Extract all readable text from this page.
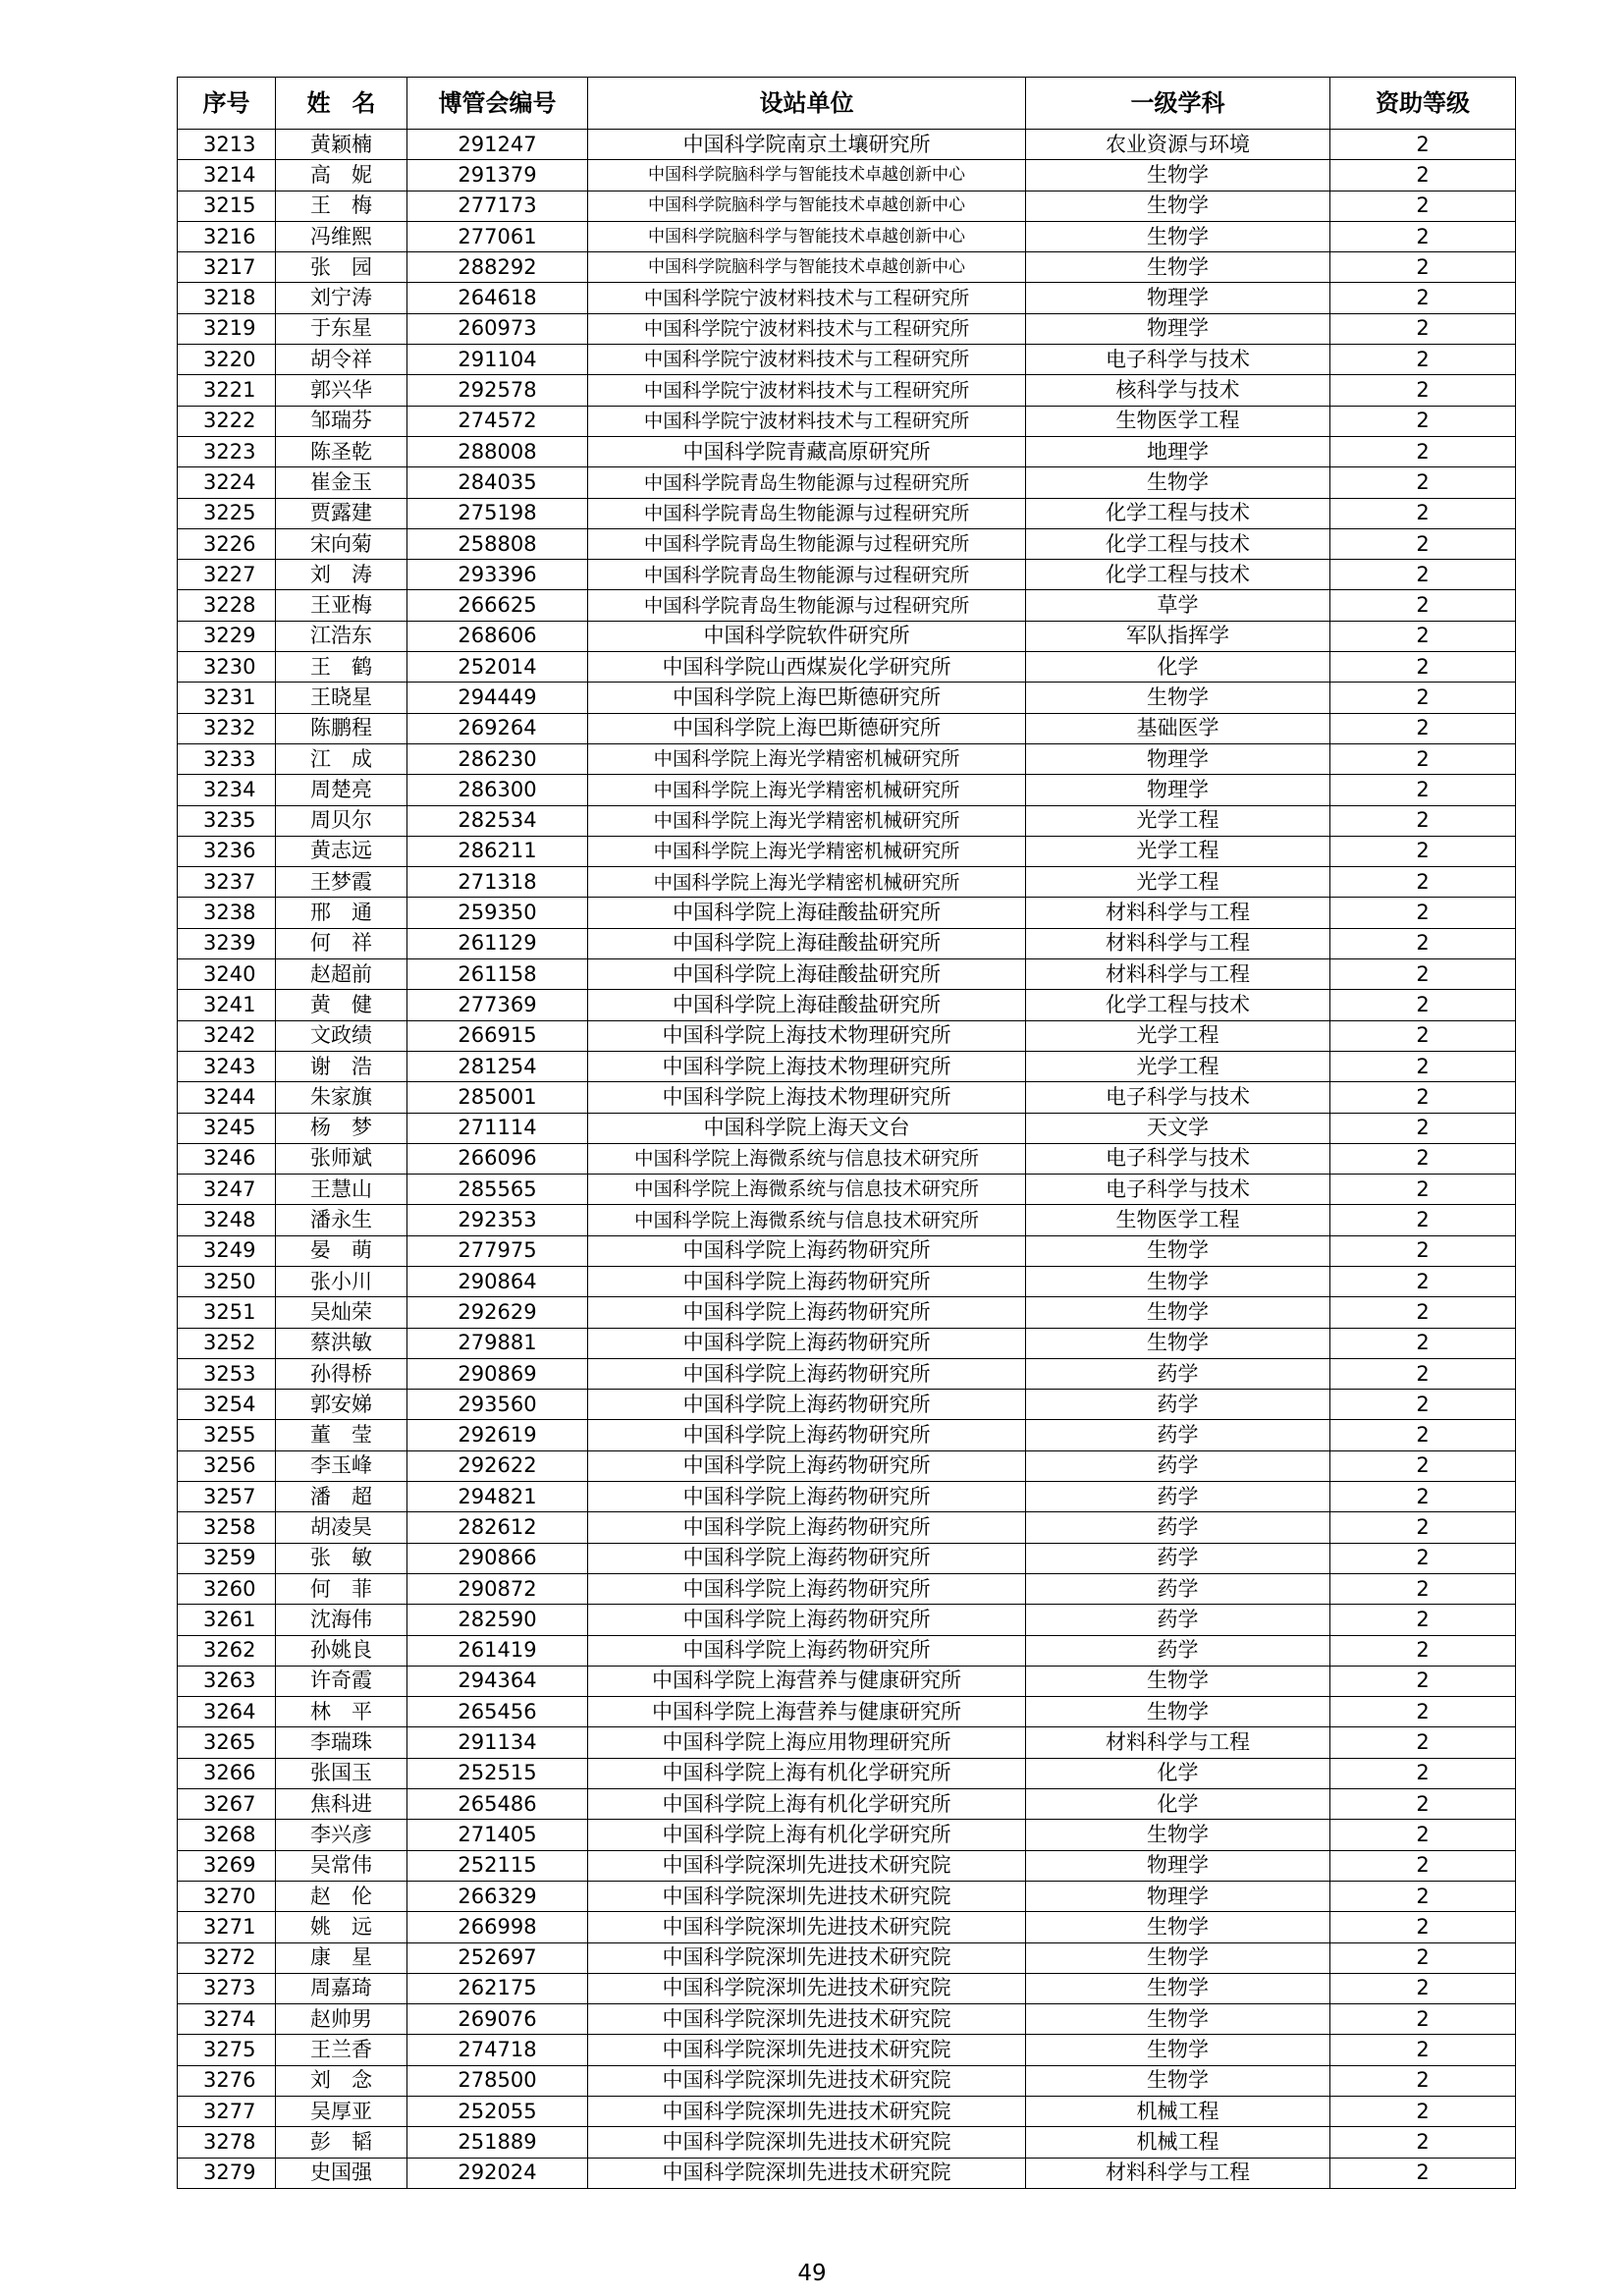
序号	姓名	博管会编号	设站单位	一级学科	资助等级
3213	黄颖楠	291247	中国科学院南京土壤研究所	农业资源与环境	2
3214	高　妮	291379	中国科学院脑科学与智能技术卓越创新中心	生物学	2
3215	王　梅	277173	中国科学院脑科学与智能技术卓越创新中心	生物学	2
3216	冯维熙	277061	中国科学院脑科学与智能技术卓越创新中心	生物学	2
3217	张　园	288292	中国科学院脑科学与智能技术卓越创新中心	生物学	2
3218	刘宁涛	264618	中国科学院宁波材料技术与工程研究所	物理学	2
3219	于东星	260973	中国科学院宁波材料技术与工程研究所	物理学	2
3220	胡令祥	291104	中国科学院宁波材料技术与工程研究所	电子科学与技术	2
3221	郭兴华	292578	中国科学院宁波材料技术与工程研究所	核科学与技术	2
3222	邹瑞芬	274572	中国科学院宁波材料技术与工程研究所	生物医学工程	2
3223	陈圣乾	288008	中国科学院青藏高原研究所	地理学	2
3224	崔金玉	284035	中国科学院青岛生物能源与过程研究所	生物学	2
3225	贾露建	275198	中国科学院青岛生物能源与过程研究所	化学工程与技术	2
3226	宋向菊	258808	中国科学院青岛生物能源与过程研究所	化学工程与技术	2
3227	刘　涛	293396	中国科学院青岛生物能源与过程研究所	化学工程与技术	2
3228	王亚梅	266625	中国科学院青岛生物能源与过程研究所	草学	2
3229	江浩东	268606	中国科学院软件研究所	军队指挥学	2
3230	王　鹤	252014	中国科学院山西煤炭化学研究所	化学	2
3231	王晓星	294449	中国科学院上海巴斯德研究所	生物学	2
3232	陈鹏程	269264	中国科学院上海巴斯德研究所	基础医学	2
3233	江　成	286230	中国科学院上海光学精密机械研究所	物理学	2
3234	周楚亮	286300	中国科学院上海光学精密机械研究所	物理学	2
3235	周贝尔	282534	中国科学院上海光学精密机械研究所	光学工程	2
3236	黄志远	286211	中国科学院上海光学精密机械研究所	光学工程	2
3237	王梦霞	271318	中国科学院上海光学精密机械研究所	光学工程	2
3238	邢　通	259350	中国科学院上海硅酸盐研究所	材料科学与工程	2
3239	何　祥	261129	中国科学院上海硅酸盐研究所	材料科学与工程	2
3240	赵超前	261158	中国科学院上海硅酸盐研究所	材料科学与工程	2
3241	黄　健	277369	中国科学院上海硅酸盐研究所	化学工程与技术	2
3242	文政绩	266915	中国科学院上海技术物理研究所	光学工程	2
3243	谢　浩	281254	中国科学院上海技术物理研究所	光学工程	2
3244	朱家旗	285001	中国科学院上海技术物理研究所	电子科学与技术	2
3245	杨　梦	271114	中国科学院上海天文台	天文学	2
3246	张师斌	266096	中国科学院上海微系统与信息技术研究所	电子科学与技术	2
3247	王慧山	285565	中国科学院上海微系统与信息技术研究所	电子科学与技术	2
3248	潘永生	292353	中国科学院上海微系统与信息技术研究所	生物医学工程	2
3249	晏　萌	277975	中国科学院上海药物研究所	生物学	2
3250	张小川	290864	中国科学院上海药物研究所	生物学	2
3251	吴灿荣	292629	中国科学院上海药物研究所	生物学	2
3252	蔡洪敏	279881	中国科学院上海药物研究所	生物学	2
3253	孙得桥	290869	中国科学院上海药物研究所	药学	2
3254	郭安娣	293560	中国科学院上海药物研究所	药学	2
3255	董　莹	292619	中国科学院上海药物研究所	药学	2
3256	李玉峰	292622	中国科学院上海药物研究所	药学	2
3257	潘　超	294821	中国科学院上海药物研究所	药学	2
3258	胡凌昊	282612	中国科学院上海药物研究所	药学	2
3259	张　敏	290866	中国科学院上海药物研究所	药学	2
3260	何　菲	290872	中国科学院上海药物研究所	药学	2
3261	沈海伟	282590	中国科学院上海药物研究所	药学	2
3262	孙姚良	261419	中国科学院上海药物研究所	药学	2
3263	许奇霞	294364	中国科学院上海营养与健康研究所	生物学	2
3264	林　平	265456	中国科学院上海营养与健康研究所	生物学	2
3265	李瑞珠	291134	中国科学院上海应用物理研究所	材料科学与工程	2
3266	张国玉	252515	中国科学院上海有机化学研究所	化学	2
3267	焦科进	265486	中国科学院上海有机化学研究所	化学	2
3268	李兴彦	271405	中国科学院上海有机化学研究所	生物学	2
3269	吴常伟	252115	中国科学院深圳先进技术研究院	物理学	2
3270	赵　伦	266329	中国科学院深圳先进技术研究院	物理学	2
3271	姚　远	266998	中国科学院深圳先进技术研究院	生物学	2
3272	康　星	252697	中国科学院深圳先进技术研究院	生物学	2
3273	周嘉琦	262175	中国科学院深圳先进技术研究院	生物学	2
3274	赵帅男	269076	中国科学院深圳先进技术研究院	生物学	2
3275	王兰香	274718	中国科学院深圳先进技术研究院	生物学	2
3276	刘　念	278500	中国科学院深圳先进技术研究院	生物学	2
3277	吴厚亚	252055	中国科学院深圳先进技术研究院	机械工程	2
3278	彭　韬	251889	中国科学院深圳先进技术研究院	机械工程	2
3279	史国强	292024	中国科学院深圳先进技术研究院	材料科学与工程	2
49
